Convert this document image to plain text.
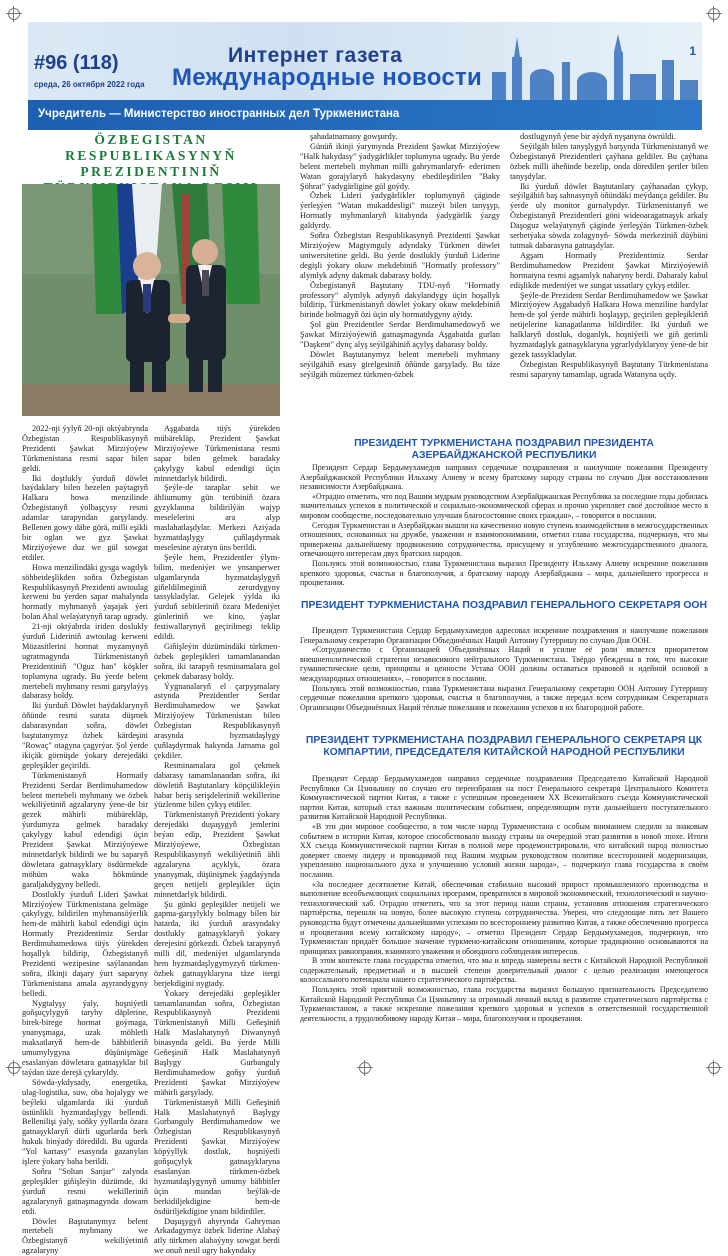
1
#96 (118)
среда, 26 октября 2022 года
Интернет газета
Международные новости
Учредитель — Министерство иностранных дел Туркменистана
ÖZBEGISTAN RESPUBLIKASYNYŇ PREZIDENTINIŇ

2022-nji ýylyň 20-nji oktýabrynda Özbegistan Respublikasynyň Prezidenti Şawkat Mirziýoýew Türkmenistana resmi sapar bilen geldi.

Iki doştlukly ýurduň döwlet baýdaklary bilen bezelen paýtagtyň Halkara howa menzilinde Özbegistanyň ýolbaşçysy resmi adamlar tarapyndan garşylandy. Bellenen gowy däbe görä, milli eşikli bir oglan we gyz Şawkat Mirziýoýewe duz we gül sowgat etdiler.

Howa menzilindäki gysga wagtlyk söhbetdeşlikden soňra Özbegistan Respublikasynyň Prezidenti awtoulag kerweni bu ýerden sapar mahalynda hormatly myhmanyň ýaşajak ýeri bolan Ahal welaýatynyň tarap ugrady.

21-nji oktýabrda iriden doslukly ýurduň Lideriniň awtoulag kerweni Mözasitlerini hormat myzamynyň ugratmagynda Türkmenistanyň Prezidentiniň "Oguz han" köşkler toplumyna ugrady. Bu ýerde belent mertebeli myhmany resmi garşylaýyş dabarasy boldy.

Iki ýurduň Döwlet baýdaklarynyň öňünde resmi surata düşmek dabarasyndan soňra, döwlet baştutanymyz özbek kärdeşini "Rowaç" otagyna çagyrýar. Şol ýerde ikiçäk görnüşde ýokary derejedäki gepleşikler geçirildi.

Türkmenistanyň Hormatly Prezidenti Serdar Berdimuhamedow belent mertebeli myhmany we özbek wekiliýetiniň agzalaryny ýene-de bir gezek mähirli mübärekläp, ýurdumyza gelmek baradaky çakylygy kabul edendigi üçin Prezident Şawkat Mirziýoýewe minnetdarlyk bildirdi we bu saparyň döwletara gatnaşyklary ösdürmekde möhüm waka hökmünde garaljakdygyny belledi.

Dostlukly ýurduň Lideri Şawkat Mirziýoýew Türkmenistana gelmäge çakylygy, bildirilen myhmansöýerlik hem-de mähirli kabul edendigi üçin Hormatly Prezidentimiz Serdar Berdimuhamedowa tüýs ýürekden hoşallyk bildirip, Özbegistanyň Prezidenti wezipesine saýlanandan soňra, ilkinji daşary ýurt saparyny Türkmenistana amala aşyrandygyny belledi.

Nygtalyşy ýaly, hoşniýetli goňşuçylygyň taryhy däplerine, birek-birege hormat goýmaga, ynanyşmaga, uzak möhletli maksatlaryň hem-de bähbitleriň umumylygyna düşünişmäge esaslanýan döwletara gatnaşyklar bil taýdan täze derejä çykaryldy.

Söwda-ykdysady, energetika, ulag-logistika, suw, oba hojalygy we beýleki ulgamlarda iki ýurduň üstünlikli hyzmatdaşlygy bellendi. Bellenilişi ýaly, soňky ýyllarda özara gatnaşyklaryň dürli ugurlarda berk hukuk binýady döredildi. Bu ugurda "Yol kartasy" esasynda gazanylan işlere ýokary baha berildi.

Soňra "Soltan Sanjar" zalynda gepleşikler giňişleýin düzümde, iki ýurduň resmi wekilleriniň agzalarynyň gatnaşmagynda dowam etdi.

Döwlet Baştutanymyz belent mertebeli myhmany we Özbegistanyň wekiliýetiniň agzalaryny

Aşgabatda tüýs ýürekden mübärekläp, Prezident Şawkat Mirziýoýewe Türkmenistana resmi sapar bilen gelmek baradaky çakylygy kabul edendigi üçin minnetdarlyk bildirdi.

Şeýle-de taraplar sebit we ähliumumy gün tertibiniň özara gyzyklanma bildirilýän wajyp meselelerini ara alyp maslahatlaşdylar. Merkezi Aziýada hyzmatdaşlygy çuňlaşdyrmak meselesine aýratyn üns berildi.

Şeýle hem, Prezidentler ýlym-bilim, medeniýet we ynsanperwer ulgamlarynda hyzmatdaşlygyň giňeldilmeginiň zerurdygyny tassykladylar. Gelejek ýylda iki ýurduň sebitleriniň özara Medeniýet günleriniň we kino, ýaşlar festiwallarynyň geçirilmegi teklip edildi.

Giňişleýin düzümindäki türkmen-özbek gepleşikleri tamamlanandan soňra, iki tarapyň resminamalara gol çekmek dabarasy boldy.

Ýygnanalaryň el çarpyşmalary astynda Prezidentler Serdar Berdimuhamedow we Şawkat Mirziýoýew Türkmenistan bilen Özbegistan Respublikasynyň arasynda hyzmatdaşlygy çuňlaşdyrmak hakynda Jarnama gol çekdiler.

Resminamalara gol çekmek dabarasy tamamlanandan soňra, iki döwletiň Baştutanlary köpçülikleýin habar beriş serişdeleriniň wekillerine ýüzlenme bilen çykyş etdiler.

Türkmenistanyň Prezidenti ýokary derejedäki duşuşygyň jemlerini beýan edip, Prezident Şawkat Mirziýoýewe, Özbegistan Respublikasynyň wekiliýetiniň ähli agzalaryna açyklyk, özara ynanyşmak, düşünişmek ýagdaýynda geçen netijeli gepleşikler üçin minnetdarlyk bildirdi.

Şu günki gepleşikler netijeli we gapma-garşylykly bolmagy bilen bir hatarda, iki ýurduň arasyndaky dostlukly gatnaşyklaryň ýokary derejesini görkezdi. Özbek tarapynyň milli dil, medeniýet ulgamlarynda hem hyzmatdaşlygymyzyň türkmen-özbek gatnaşyklaryna täze itergi berjekdigini nygtady.

Ýokary derejedäki gepleşikler tamamlanandan soňra, Özbegistan Respublikasynyň Prezidenti Türkmenistanyň Milli Geňeşiniň Halk Maslahatynyň Diwanynyň binasynda geldi. Bu ýerde Milli Geňeşiniň Halk Maslahatynyň Başlygy Gurbanguly Berdimuhamedow goňşy ýurduň Prezidenti Şawkat Mirziýoýew mähirli garşylady.

Türkmenistanyň Milli Geňeşiniň Halk Maslahatynyň Başlygy Gurbanguly Berdimuhamedow we Özbegistan Respublikasynyň Prezidenti Şawkat Mirziýoýew köpýyllyk dostluk, hoşniýetli goňşuçylyk gatnaşyklaryna esaslanýan türkmen-özbek hyzmatdaşlygynyň umumy bähbitler üçin mundan beýläk-de berkidiljekdigine hem-de ösdüriljekdigine ynam bildirdiler.

Duşuşygyň ahyrynda Gahryman Arkadagymyz özbek liderine Alabaý atly türkmen alabaýyny sowgat berdi we onuň nesil ugry hakyndaky

şahadatnamany gowşurdy.

Günüň ikinji ýarymynda Prezident Şawkat Mirziýoýew "Halk hakydasy" ýadygärlikler toplumyna ugrady. Bu ýerde belent mertebeli myhman milli gahrymanlaryň- ederimen Watan gorajylaryň hakydasyny ebedileşdirilen "Baky Şöhrat" ýadygärligine gül goýdy.

Özbek Lideri ýadygärlikler toplumynyň çäginde ýerleşýen "Watan mukaddesligi" muzeýi bilen tanyşyp, Hormatly myhmanlaryň kitabynda ýadygärlik ýazgy galdyrdy.

Soňra Özbegistan Respublikasynyň Prezidenti Şawkat Mirziýoýew Magtymguly adyndaky Türkmen döwlet uniwersitetine geldi. Bu ýerde dostlukly ýurduň Liderine degişli ýokary okuw mekdebiniň "Hormatly professory" alymlyk adyny dakmak dabarasy boldy.

Özbegistanyň Baştutany TDU-nyň "Hormatly professory" alymlyk adynyň dakylandygy üçin hoşallyk bildirip, Türkmenistanyň döwlet ýokary okuw mekdebiniň birinde bolmagyň özi üçin uly hormatdygyny aýtdy.

Şol gün Prezidentler Serdar Berdimuhamedowyň we Şawkat Mirziýoýewiň gatnaşmagynda Aşgabatda gurlan "Daşkent" dynç alyş seýilgähiniň açylyş dabarasy boldy.

Döwlet Baştutanymyz belent mertebeli myhmany seýilgähiň esasy girelgesiniň öňünde garşylady. Bu täze seýilgäh müzemez türkmen-özbek

dostlugynyň ýene bir aýdyň nyşanyna öwrüldi.

Seýilgäh bilen tanyşlygyň barşynda Türkmenistanyň we Özbegistanyň Prezidentleri çaýhana geldiler. Bu çaýhana özbek milli äheňinde bezelip, onda döredilen şertler bilen tanyşdylar.

Iki ýurduň döwlet Baştutanlary çaýhanadan çykyp, seýilgähiň baş sahnasynyň öňündäki meýdança geldiler. Bu ýerde uly monitor gurnalypdyr. Türkmenistanyň we Özbegistanyň Prezidentleri göni wideoaragatnaşyk arkaly Daşoguz welaýatynyň çäginde ýerleşýän Türkmen-özbek serhetýaka söwda zolagynyň- Söwda merkeziniň düýbüni tutmak dabarasyna gatnaşdylar.

Agşam Hormatly Prezidentimiz Serdar Berdimuhamedow Prezident Şawkat Mirziýoýewiň hormatyna resmi agşamlyk naharyny berdi. Dabaraly kabul edişlikde medeniýet we sungat ussatlary çykyş etdiler.

Şeýle-de Prezident Serdar Berdimuhamedow we Şawkat Mirziýoýew Aşgabadyň Halkara Howa menziline bardylar hem-de şol ýerde mähirli hoşlaşyp, geçirilen gepleşikleriň netijelerine kanagatlanma bildirdiler. Iki ýurduň we halklaryň dostluk, doganlyk, hoşniýetli we giň gerimli hyzmatdaşlyk gatnaşyklaryna ygrarlydyklaryny ýene-de bir gezek tassykladylar.

Özbegistan Respublikasynyň Baştutany Türkmenistana resmi saparyny tamamlap, ugrada Watanyna uçdy.

ПРЕЗИДЕНТ ТУРКМЕНИСТАНА ПОЗДРАВИЛ ПРЕЗИДЕНТА АЗЕРБАЙДЖАНСКОЙ РЕСПУБЛИКИ

Президент Сердар Бердымухамедов направил сердечные поздравления и наилучшие пожелания Президенту Азербайджанской Республики Ильхаму Алиеву и всему братскому народу страны по случаю Дня восстановления независимости Азербайджана.

«Отрадно отметить, что под Вашим мудрым руководством Азербайджанская Республика за последние годы добилась значительных успехов в политической и социально-экономической сферах и прочно укрепляет своё достойное место в мировом сообществе, последовательно улучшая благосостояние своих граждан», – говорится в послании.

Сегодня Туркменистан и Азербайджан вышли на качественно новую ступень взаимодействия в межгосударственных отношениях, основанных на дружбе, уважении и взаимопонимании, отметил глава государства, подчеркнув, что мы привержены дальнейшему продвижению сотрудничества, присущему и углублению межгосударственного диалога, отвечающего интересам двух братских народов.

Пользуясь этой возможностью, глава Туркменистана выразил Президенту Ильхаму Алиеву искренние пожелания крепкого здоровья, счастья и благополучия, а братскому народу Азербайджана – мира, дальнейшего прогресса и процветания.

ПРЕЗИДЕНТ ТУРКМЕНИСТАНА ПОЗДРАВИЛ ГЕНЕРАЛЬНОГО СЕКРЕТАРЯ ООН

Президент Туркменистана Сердар Бердымухамедов адресовал искренние поздравления и наилучшие пожелания Генеральному секретарю Организации Объединённых Наций Антониу Гутерришу по случаю Дня ООН.

«Сотрудничество с Организацией Объединённых Наций и усилие её роли является приоритетом внешнеполитической стратегии независимого нейтрального Туркменистана. Твёрдо убеждены в том, что высокие гуманистические цели, принципы и ценности Устава ООН должны оставаться правовой и идейной основой в международных отношениях», – говорится в послании.

Пользуясь этой возможностью, глава Туркменистана выразил Генеральному секретарю ООН Антониу Гутерришу сердечные пожелания крепкого здоровья, счастья и благополучия, а также передал всем сотрудникам Секретариата Организации Объединённых Наций тёплые пожелания и пожелания успехов в их благородной работе.

ПРЕЗИДЕНТ ТУРКМЕНИСТАНА ПОЗДРАВИЛ ГЕНЕРАЛЬНОГО СЕКРЕТАРЯ ЦК КОМПАРТИИ, ПРЕДСЕДАТЕЛЯ КИТАЙСКОЙ НАРОДНОЙ РЕСПУБЛИКИ

Президент Сердар Бердымухамедов направил сердечные поздравления Председателю Китайской Народной Республики Си Цзиньпину по случаю его переизбрания на пост Генерального секретаря Центрального Комитета Коммунистической партии Китая, а также с успешным проведением XX Всекитайского съезда Коммунистической партии Китая, который стал важным политическим событием, определяющим пути дальнейшего поступательного развития Китайской Народной Республики.

«В эти дни мировое сообщество, в том числе народ Туркменистана с особым вниманием следили за знаковым событием в истории Китая, которое способствовало выходу страны на очередной этап развития в новой эпохе. Итоги XX съезда Коммунистической партии Китая в полной мере продемонстрировали, что китайский народ полностью доверяет своему лидеру и проводимой под Вашим мудрым руководством политике всесторонней модернизации, укреплению национального духа и улучшению условий жизни народа», – подчеркнул глава государства в своём послании.

«За последнее десятилетие Китай, обеспечивая стабильно высокий прирост промышленного производства и выполнение всеобъемлющих социальных программ, превратился в мировой экономический, технологический и научно-технологический хаб. Отрадно отметить, что за этот период наши страны, установив отношения стратегического партнёрства, перешли на новую, более высокую ступень сотрудничества. Уверен, что следующие пять лет Вашего руководства будут отмечены дальнейшими успехами по всестороннему развитию Китая, а также обеспечению прогресса и процветания всему китайскому народу», – отметил Президент Сердар Бердымухамедов, подчеркнув, что Туркменистан придаёт большое значение туркмено-китайским отношениям, которые традиционно основываются на принципах равноправия, взаимного уважения и обоюдного соблюдения интересов.

В этом контексте глава государства отметил, что мы и впредь намерены вести с Китайской Народной Республикой содержательный, предметный и в высшей степени доверительный диалог с целью реализации имеющегося колоссального потенциала нашего стратегического партнёрства.

Пользуясь этой приятной возможностью, глава государства выразил большую признательность Председателю Китайской Народной Республики Си Цзиньпину за огромный личный вклад в развитие стратегического партнёрства с Туркменистаном, а также искренние пожелания крепкого здоровья и успехов в ответственной государственной деятельности, а трудолюбивому народу Китая – мира, благополучия и процветания.
